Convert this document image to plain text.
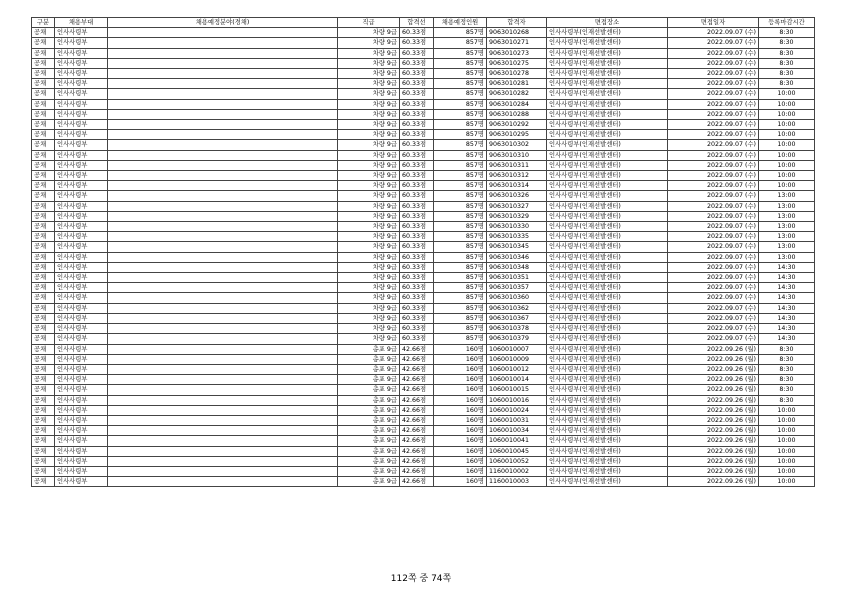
구분	채용부대	채용예정분야(경채)	직급	합격선	채용예정인원	합격자	면접장소	면접일자	등록마감시간
공채	인사사령부		차량 9급	60.33점	857명	9063010268	인사사령부(인재선발센터)	2022.09.07 (수)	8:30
공채	인사사령부		차량 9급	60.33점	857명	9063010271	인사사령부(인재선발센터)	2022.09.07 (수)	8:30
공채	인사사령부		차량 9급	60.33점	857명	9063010273	인사사령부(인재선발센터)	2022.09.07 (수)	8:30
공채	인사사령부		차량 9급	60.33점	857명	9063010275	인사사령부(인재선발센터)	2022.09.07 (수)	8:30
공채	인사사령부		차량 9급	60.33점	857명	9063010278	인사사령부(인재선발센터)	2022.09.07 (수)	8:30
공채	인사사령부		차량 9급	60.33점	857명	9063010281	인사사령부(인재선발센터)	2022.09.07 (수)	8:30
공채	인사사령부		차량 9급	60.33점	857명	9063010282	인사사령부(인재선발센터)	2022.09.07 (수)	10:00
공채	인사사령부		차량 9급	60.33점	857명	9063010284	인사사령부(인재선발센터)	2022.09.07 (수)	10:00
공채	인사사령부		차량 9급	60.33점	857명	9063010288	인사사령부(인재선발센터)	2022.09.07 (수)	10:00
공채	인사사령부		차량 9급	60.33점	857명	9063010292	인사사령부(인재선발센터)	2022.09.07 (수)	10:00
공채	인사사령부		차량 9급	60.33점	857명	9063010295	인사사령부(인재선발센터)	2022.09.07 (수)	10:00
공채	인사사령부		차량 9급	60.33점	857명	9063010302	인사사령부(인재선발센터)	2022.09.07 (수)	10:00
공채	인사사령부		차량 9급	60.33점	857명	9063010310	인사사령부(인재선발센터)	2022.09.07 (수)	10:00
공채	인사사령부		차량 9급	60.33점	857명	9063010311	인사사령부(인재선발센터)	2022.09.07 (수)	10:00
공채	인사사령부		차량 9급	60.33점	857명	9063010312	인사사령부(인재선발센터)	2022.09.07 (수)	10:00
공채	인사사령부		차량 9급	60.33점	857명	9063010314	인사사령부(인재선발센터)	2022.09.07 (수)	10:00
공채	인사사령부		차량 9급	60.33점	857명	9063010326	인사사령부(인재선발센터)	2022.09.07 (수)	13:00
공채	인사사령부		차량 9급	60.33점	857명	9063010327	인사사령부(인재선발센터)	2022.09.07 (수)	13:00
공채	인사사령부		차량 9급	60.33점	857명	9063010329	인사사령부(인재선발센터)	2022.09.07 (수)	13:00
공채	인사사령부		차량 9급	60.33점	857명	9063010330	인사사령부(인재선발센터)	2022.09.07 (수)	13:00
공채	인사사령부		차량 9급	60.33점	857명	9063010335	인사사령부(인재선발센터)	2022.09.07 (수)	13:00
공채	인사사령부		차량 9급	60.33점	857명	9063010345	인사사령부(인재선발센터)	2022.09.07 (수)	13:00
공채	인사사령부		차량 9급	60.33점	857명	9063010346	인사사령부(인재선발센터)	2022.09.07 (수)	13:00
공채	인사사령부		차량 9급	60.33점	857명	9063010348	인사사령부(인재선발센터)	2022.09.07 (수)	14:30
공채	인사사령부		차량 9급	60.33점	857명	9063010351	인사사령부(인재선발센터)	2022.09.07 (수)	14:30
공채	인사사령부		차량 9급	60.33점	857명	9063010357	인사사령부(인재선발센터)	2022.09.07 (수)	14:30
공채	인사사령부		차량 9급	60.33점	857명	9063010360	인사사령부(인재선발센터)	2022.09.07 (수)	14:30
공채	인사사령부		차량 9급	60.33점	857명	9063010362	인사사령부(인재선발센터)	2022.09.07 (수)	14:30
공채	인사사령부		차량 9급	60.33점	857명	9063010367	인사사령부(인재선발센터)	2022.09.07 (수)	14:30
공채	인사사령부		차량 9급	60.33점	857명	9063010378	인사사령부(인재선발센터)	2022.09.07 (수)	14:30
공채	인사사령부		차량 9급	60.33점	857명	9063010379	인사사령부(인재선발센터)	2022.09.07 (수)	14:30
공채	인사사령부		총포 9급	42.66점	160명	1060010007	인사사령부(인재선발센터)	2022.09.26 (월)	8:30
공채	인사사령부		총포 9급	42.66점	160명	1060010009	인사사령부(인재선발센터)	2022.09.26 (월)	8:30
공채	인사사령부		총포 9급	42.66점	160명	1060010012	인사사령부(인재선발센터)	2022.09.26 (월)	8:30
공채	인사사령부		총포 9급	42.66점	160명	1060010014	인사사령부(인재선발센터)	2022.09.26 (월)	8:30
공채	인사사령부		총포 9급	42.66점	160명	1060010015	인사사령부(인재선발센터)	2022.09.26 (월)	8:30
공채	인사사령부		총포 9급	42.66점	160명	1060010016	인사사령부(인재선발센터)	2022.09.26 (월)	8:30
공채	인사사령부		총포 9급	42.66점	160명	1060010024	인사사령부(인재선발센터)	2022.09.26 (월)	10:00
공채	인사사령부		총포 9급	42.66점	160명	1060010031	인사사령부(인재선발센터)	2022.09.26 (월)	10:00
공채	인사사령부		총포 9급	42.66점	160명	1060010034	인사사령부(인재선발센터)	2022.09.26 (월)	10:00
공채	인사사령부		총포 9급	42.66점	160명	1060010041	인사사령부(인재선발센터)	2022.09.26 (월)	10:00
공채	인사사령부		총포 9급	42.66점	160명	1060010045	인사사령부(인재선발센터)	2022.09.26 (월)	10:00
공채	인사사령부		총포 9급	42.66점	160명	1060010052	인사사령부(인재선발센터)	2022.09.26 (월)	10:00
공채	인사사령부		총포 9급	42.66점	160명	1160010002	인사사령부(인재선발센터)	2022.09.26 (월)	10:00
공채	인사사령부		총포 9급	42.66점	160명	1160010003	인사사령부(인재선발센터)	2022.09.26 (월)	10:00
112쪽 중 74쪽
